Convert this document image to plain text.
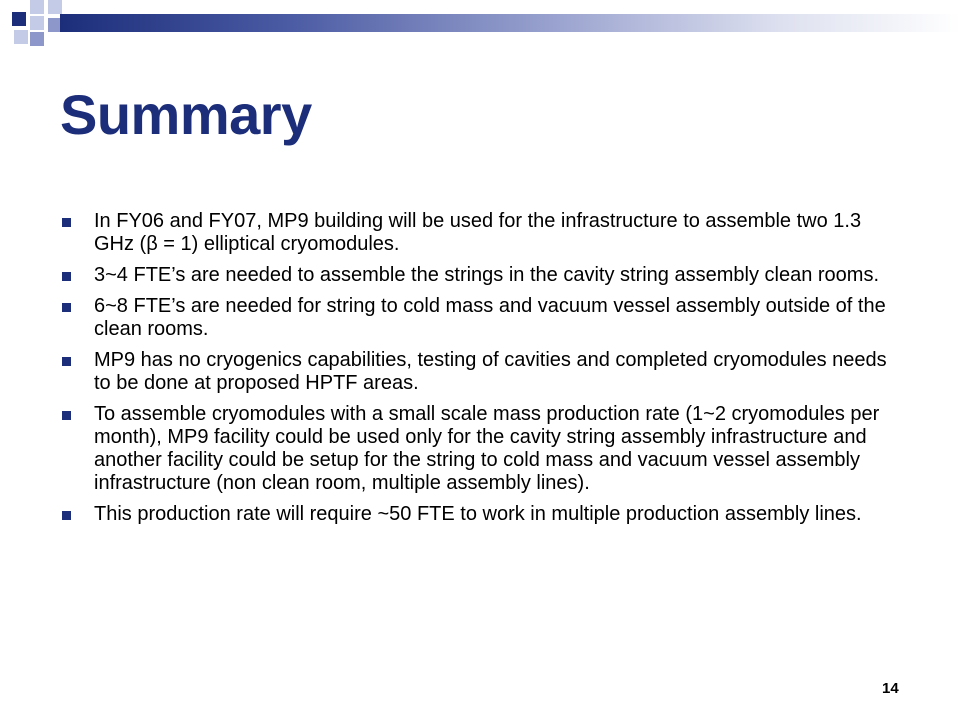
Summary
In FY06 and FY07, MP9 building will be used for the infrastructure to assemble two 1.3 GHz (β = 1) elliptical cryomodules.
3~4 FTE’s are needed to assemble the strings in the cavity string assembly clean rooms.
6~8 FTE’s are needed for string to cold mass and vacuum vessel assembly outside of the clean rooms.
MP9 has no cryogenics capabilities, testing of cavities and completed cryomodules needs to be done at proposed HPTF areas.
To assemble cryomodules with a small scale mass production rate (1~2 cryomodules per month), MP9 facility could be used only for the cavity string assembly infrastructure and another facility could be setup for the string to cold mass and vacuum vessel assembly infrastructure (non clean room, multiple assembly lines).
This production rate will require ~50 FTE to work in multiple production assembly lines.
14
